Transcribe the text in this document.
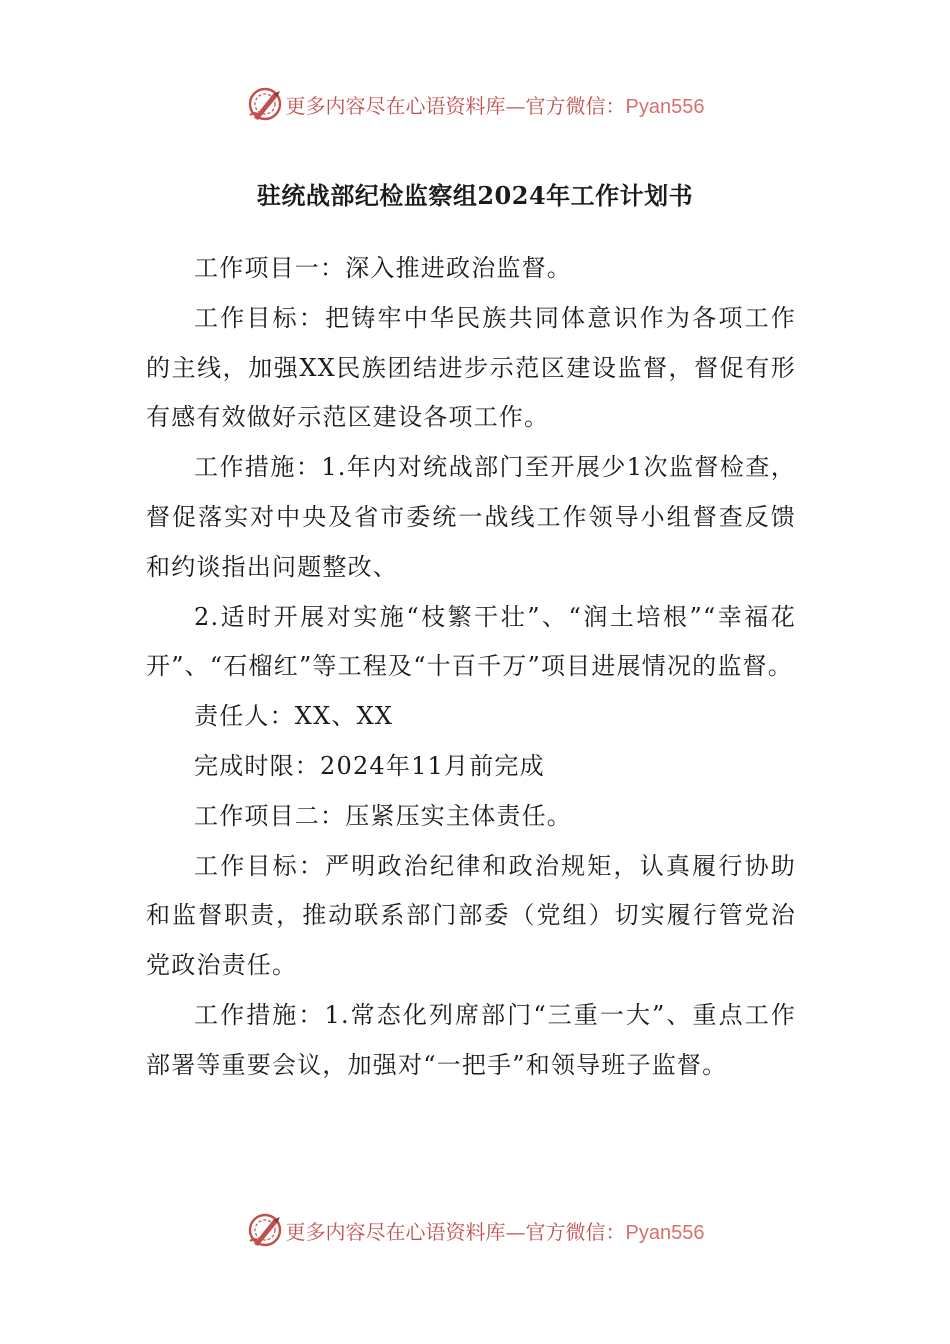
更多内容尽在心语资料库—官方微信：Pyan556
驻统战部纪检监察组2024年工作计划书

工作项目一：深入推进政治监督。

工作目标：把铸牢中华民族共同体意识作为各项工作的主线，加强XX民族团结进步示范区建设监督，督促有形有感有效做好示范区建设各项工作。

工作措施：1.年内对统战部门至开展少1次监督检查，督促落实对中央及省市委统一战线工作领导小组督查反馈和约谈指出问题整改、

2.适时开展对实施“枝繁干壮”、“润土培根”“幸福花开”、“石榴红”等工程及“十百千万”项目进展情况的监督。

责任人：XX、XX

完成时限：2024年11月前完成

工作项目二：压紧压实主体责任。

工作目标：严明政治纪律和政治规矩，认真履行协助和监督职责，推动联系部门部委（党组）切实履行管党治党政治责任。

工作措施：1.常态化列席部门“三重一大”、重点工作部署等重要会议，加强对“一把手”和领导班子监督。

更多内容尽在心语资料库—官方微信：Pyan556
